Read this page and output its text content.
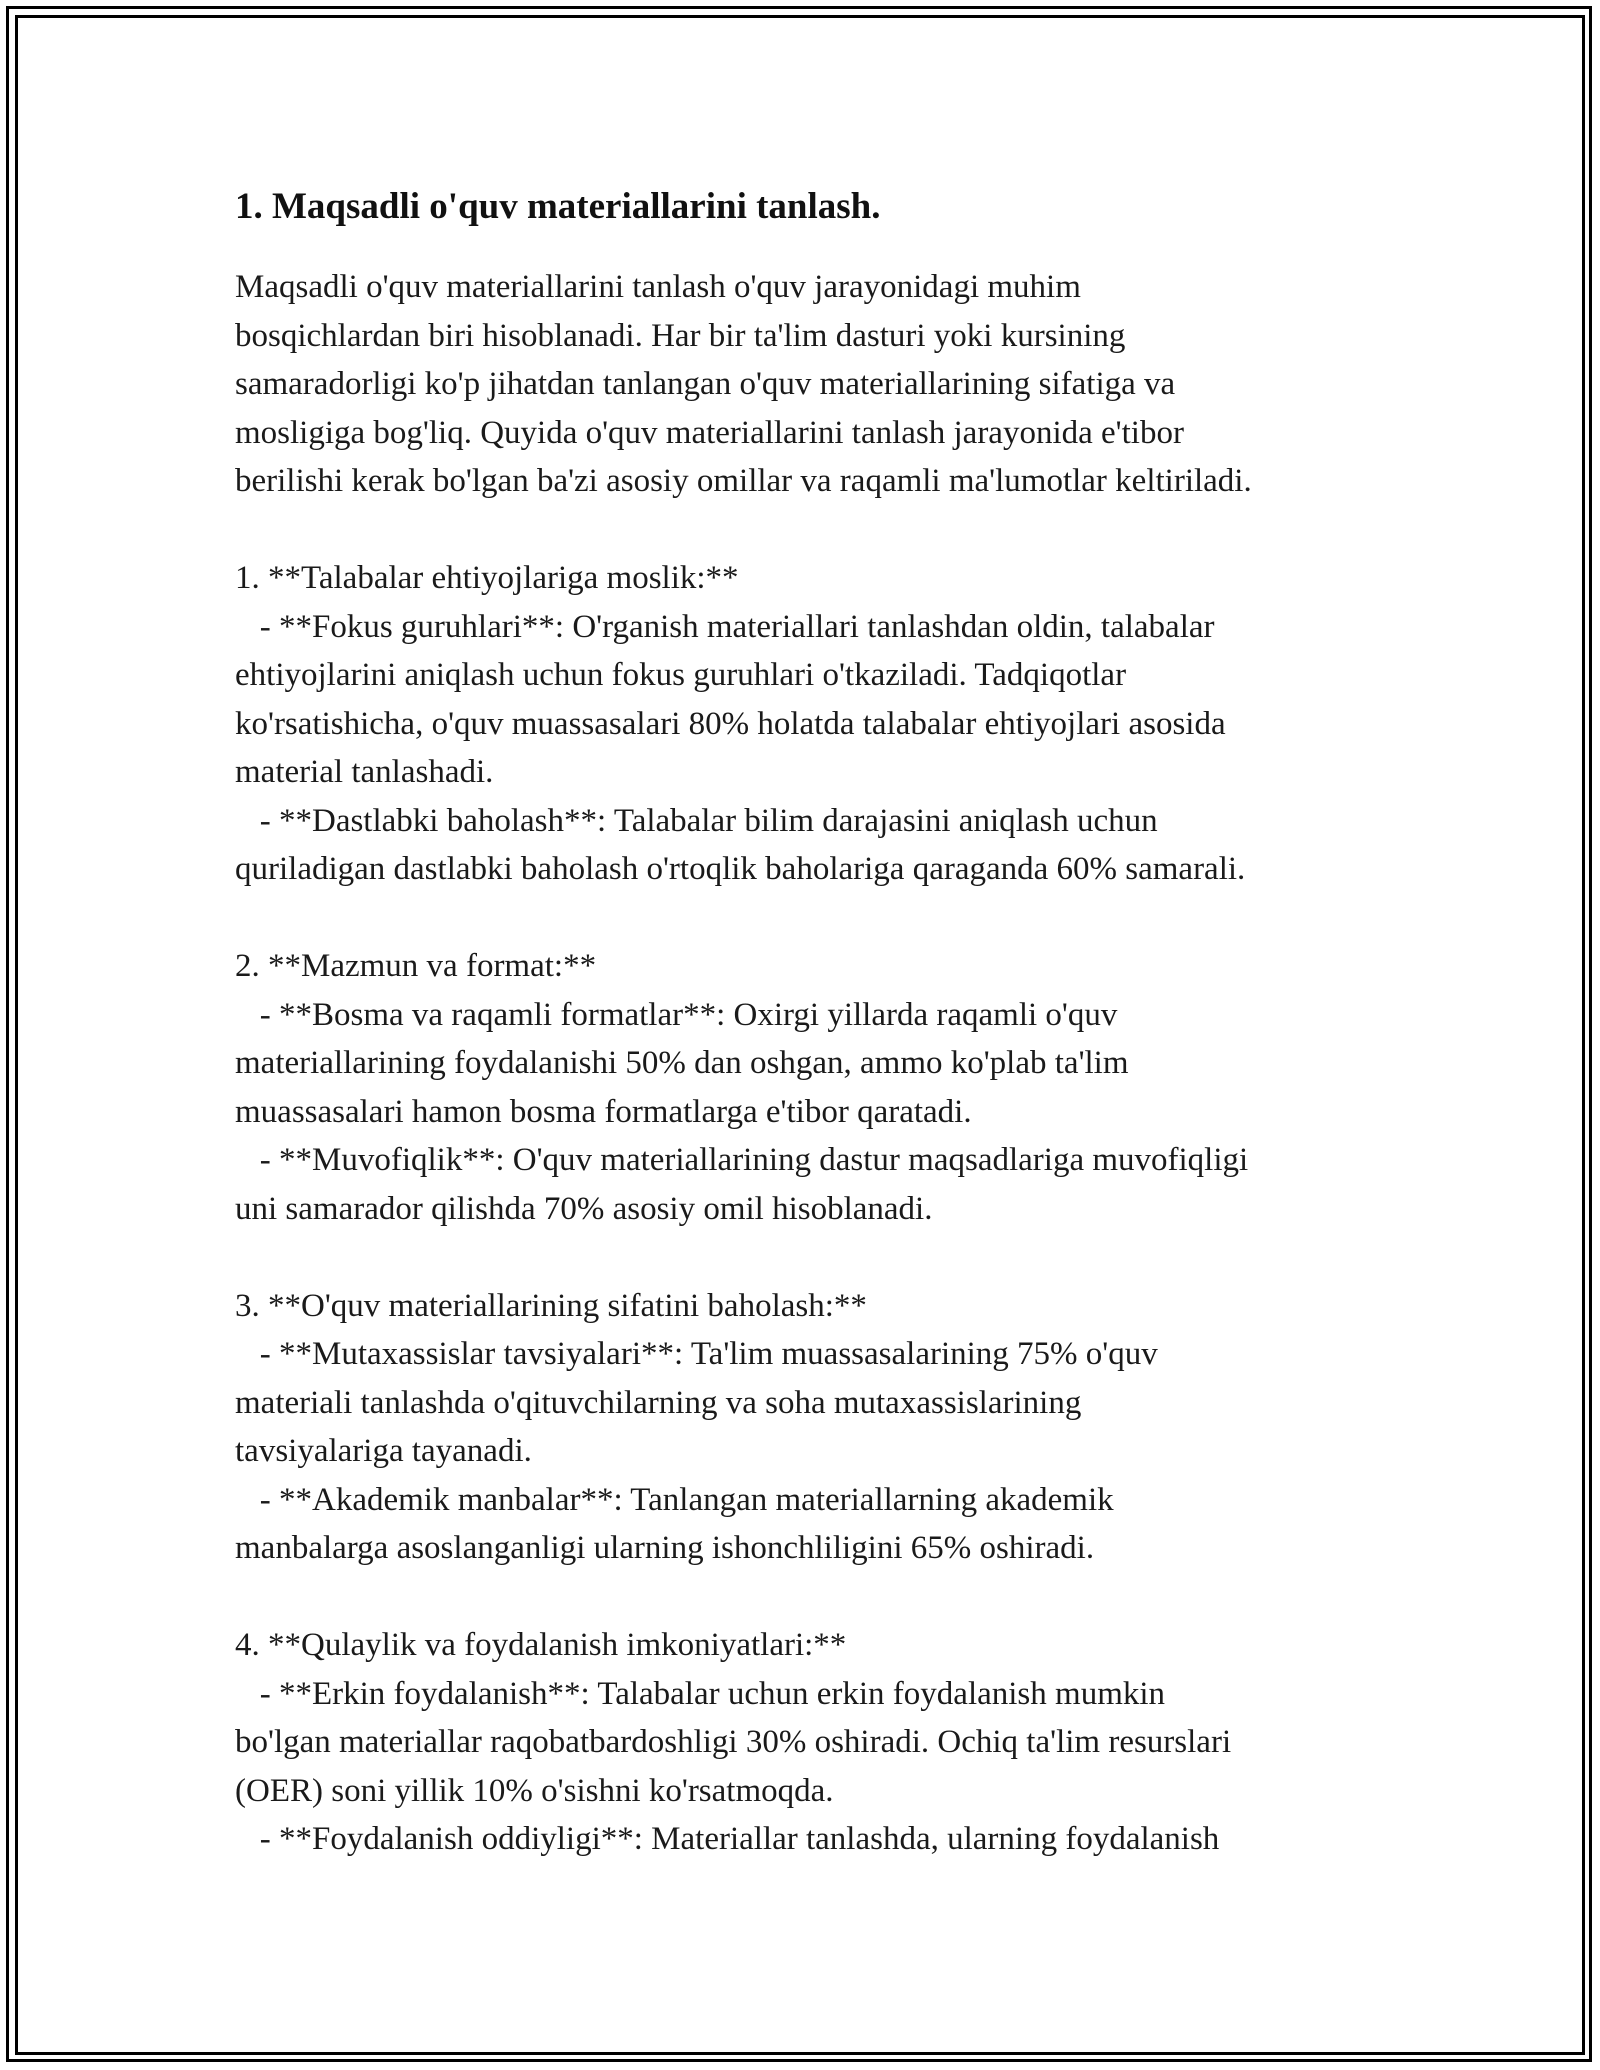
1. Maqsadli o'quv materiallarini tanlash.

Maqsadli o'quv materiallarini tanlash o'quv jarayonidagi muhim
bosqichlardan biri hisoblanadi. Har bir ta'lim dasturi yoki kursining
samaradorligi ko'p jihatdan tanlangan o'quv materiallarining sifatiga va
mosligiga bog'liq. Quyida o'quv materiallarini tanlash jarayonida e'tibor
berilishi kerak bo'lgan ba'zi asosiy omillar va raqamli ma'lumotlar keltiriladi.

1. **Talabalar ehtiyojlariga moslik:**
- **Fokus guruhlari**: O'rganish materiallari tanlashdan oldin, talabalar
ehtiyojlarini aniqlash uchun fokus guruhlari o'tkaziladi. Tadqiqotlar
ko'rsatishicha, o'quv muassasalari 80% holatda talabalar ehtiyojlari asosida
material tanlashadi.
- **Dastlabki baholash**: Talabalar bilim darajasini aniqlash uchun
quriladigan dastlabki baholash o'rtoqlik baholariga qaraganda 60% samarali.

2. **Mazmun va format:**
- **Bosma va raqamli formatlar**: Oxirgi yillarda raqamli o'quv
materiallarining foydalanishi 50% dan oshgan, ammo ko'plab ta'lim
muassasalari hamon bosma formatlarga e'tibor qaratadi.
- **Muvofiqlik**: O'quv materiallarining dastur maqsadlariga muvofiqligi
uni samarador qilishda 70% asosiy omil hisoblanadi.

3. **O'quv materiallarining sifatini baholash:**
- **Mutaxassislar tavsiyalari**: Ta'lim muassasalarining 75% o'quv
materiali tanlashda o'qituvchilarning va soha mutaxassislarining
tavsiyalariga tayanadi.
- **Akademik manbalar**: Tanlangan materiallarning akademik
manbalarga asoslanganligi ularning ishonchliligini 65% oshiradi.

4. **Qulaylik va foydalanish imkoniyatlari:**
- **Erkin foydalanish**: Talabalar uchun erkin foydalanish mumkin
bo'lgan materiallar raqobatbardoshligi 30% oshiradi. Ochiq ta'lim resurslari
(OER) soni yillik 10% o'sishni ko'rsatmoqda.
- **Foydalanish oddiyligi**: Materiallar tanlashda, ularning foydalanish
